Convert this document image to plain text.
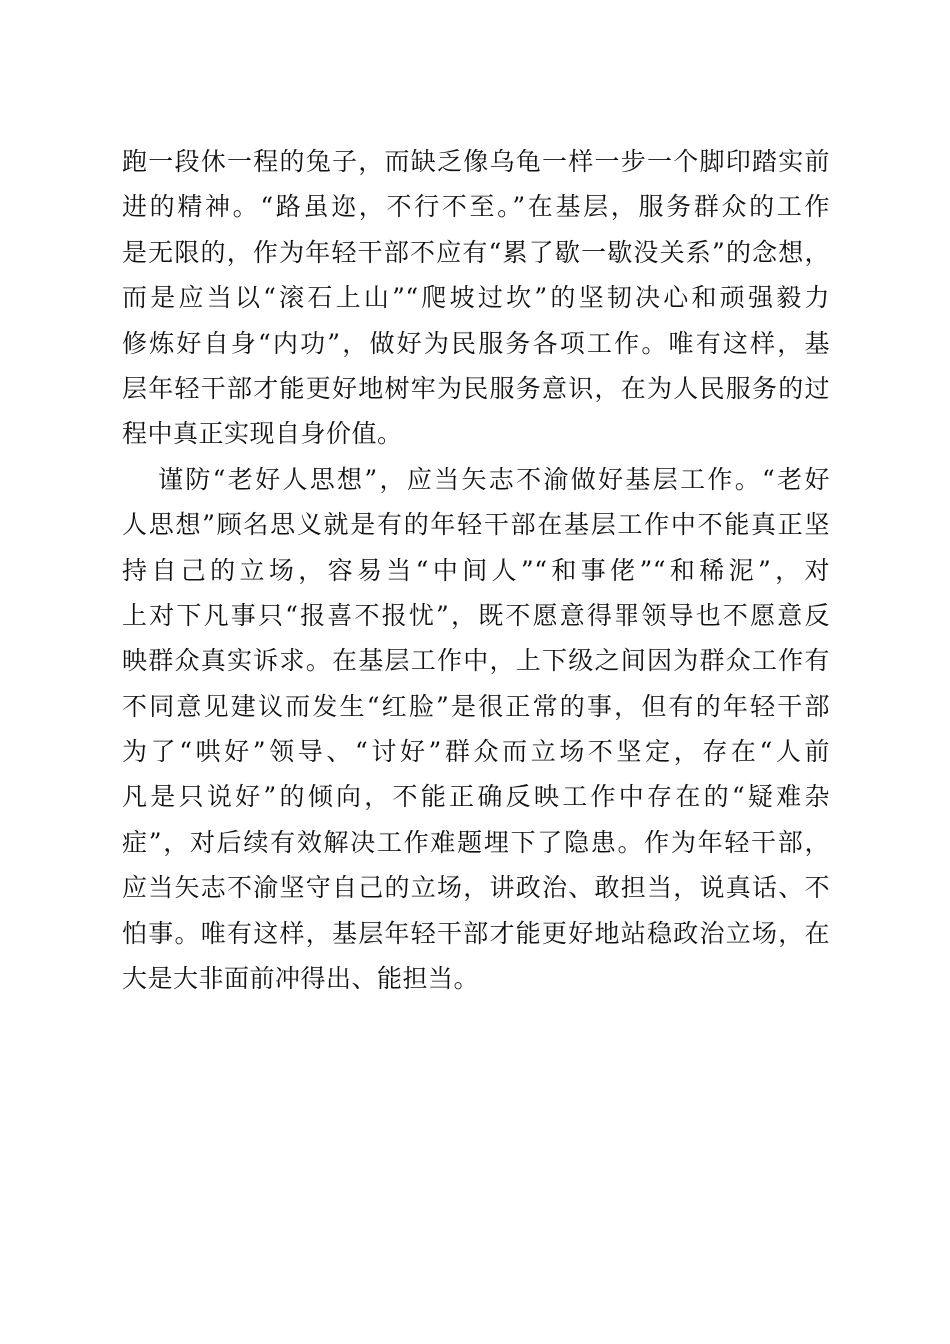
跑一段休一程的兔子，而缺乏像乌龟一样一步一个脚印踏实前
进的精神。“路虽迩，不行不至。”在基层，服务群众的工作
是无限的，作为年轻干部不应有“累了歇一歇没关系”的念想，
而是应当以“滚石上山”“爬坡过坎”的坚韧决心和顽强毅力
修炼好自身“内功”，做好为民服务各项工作。唯有这样，基
层年轻干部才能更好地树牢为民服务意识，在为人民服务的过
程中真正实现自身价值。
谨防“老好人思想”，应当矢志不渝做好基层工作。“老好
人思想”顾名思义就是有的年轻干部在基层工作中不能真正坚
持自己的立场，容易当“中间人”“和事佬”“和稀泥”，对
上对下凡事只“报喜不报忧”，既不愿意得罪领导也不愿意反
映群众真实诉求。在基层工作中，上下级之间因为群众工作有
不同意见建议而发生“红脸”是很正常的事，但有的年轻干部
为了“哄好”领导、“讨好”群众而立场不坚定，存在“人前
凡是只说好”的倾向，不能正确反映工作中存在的“疑难杂
症”，对后续有效解决工作难题埋下了隐患。作为年轻干部，
应当矢志不渝坚守自己的立场，讲政治、敢担当，说真话、不
怕事。唯有这样，基层年轻干部才能更好地站稳政治立场，在
大是大非面前冲得出、能担当。
